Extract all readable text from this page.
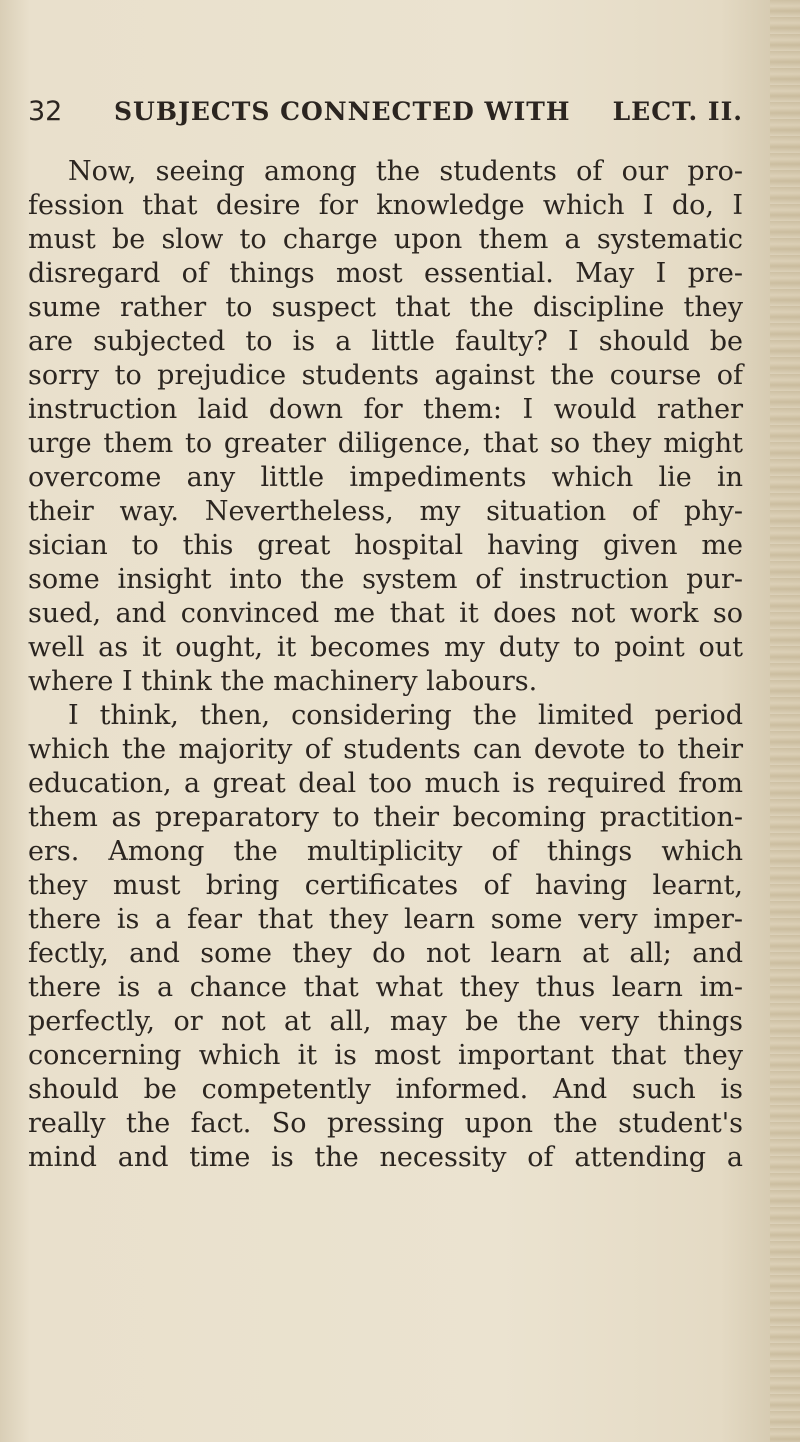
32 SUBJECTS CONNECTED WITH LECT. II.
Now, seeing among the students of our pro-
fession that desire for knowledge which I do, I
must be slow to charge upon them a systematic
disregard of things most essential. May I pre-
sume rather to suspect that the discipline they
are subjected to is a little faulty? I should be
sorry to prejudice students against the course of
instruction laid down for them: I would rather
urge them to greater diligence, that so they might
overcome any little impediments which lie in
their way. Nevertheless, my situation of phy-
sician to this great hospital having given me
some insight into the system of instruction pur-
sued, and convinced me that it does not work so
well as it ought, it becomes my duty to point out
where I think the machinery labours.
I think, then, considering the limited period
which the majority of students can devote to their
education, a great deal too much is required from
them as preparatory to their becoming practition-
ers. Among the multiplicity of things which
they must bring certificates of having learnt,
there is a fear that they learn some very imper-
fectly, and some they do not learn at all; and
there is a chance that what they thus learn im-
perfectly, or not at all, may be the very things
concerning which it is most important that they
should be competently informed. And such is
really the fact. So pressing upon the student's
mind and time is the necessity of attending a
